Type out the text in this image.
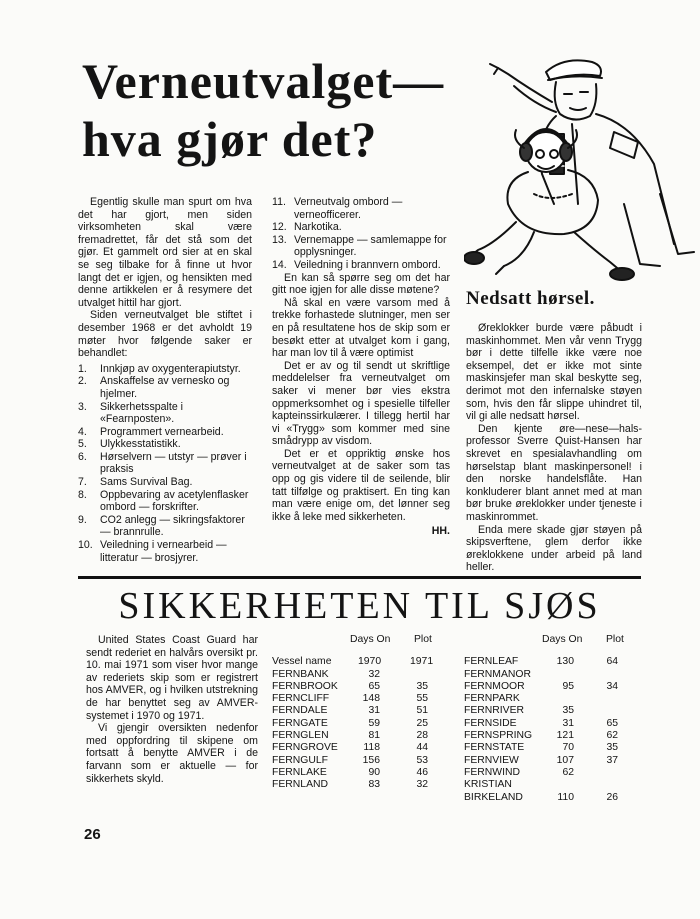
Verneutvalget—
hva gjør det?

Egentlig skulle man spurt om hva det har gjort, men siden virksomheten skal være fremadrettet, får det stå som det gjør. Et gammelt ord sier at en skal se seg tilbake for å finne ut hvor langt det er igjen, og hensikten med denne artikkelen er å resymere det utvalget hittil har gjort.

Siden verneutvalget ble stiftet i desember 1968 er det avholdt 19 møter hvor følgende saker er behandlet:

1. Innkjøp av oxygenterapiutstyr.
2. Anskaffelse av vernesko og hjelmer.
3. Sikkerhetsspalte i «Fearnposten».
4. Programmert vernearbeid.
5. Ulykkesstatistikk.
6. Hørselvern — utstyr — prøver i praksis
7. Sams Survival Bag.
8. Oppbevaring av acetylenflasker ombord — forskrifter.
9. CO2 anlegg — sikringsfaktorer — brannrulle.
10. Veiledning i vernearbeid — litteratur — brosjyrer.
11. Verneutvalg ombord — verneofficerer.
12. Narkotika.
13. Vernemappe — samlemappe for opplysninger.
14. Veiledning i brannvern ombord.

En kan så spørre seg om det har gitt noe igjen for alle disse møtene?

Nå skal en være varsom med å trekke forhastede slutninger, men ser en på resultatene hos de skip som er besøkt etter at utvalget kom i gang, har man lov til å være optimist

Det er av og til sendt ut skriftlige meddelelser fra verneutvalget om saker vi mener bør vies ekstra oppmerksomhet og i spesielle tilfeller kapteinssirkulærer. I tillegg hertil har vi «Trygg» som kommer med sine smådrypp av visdom.

Det er et oppriktig ønske hos verneutvalget at de saker som tas opp og gis videre til de seilende, blir tatt tilfølge og praktisert. En ting kan man være enige om, det lønner seg ikke å leke med sikkerheten.

HH.
Nedsatt hørsel.

Øreklokker burde være påbudt i maskinhommet. Men vår venn Trygg bør i dette tilfelle ikke være noe eksempel, det er ikke mot sinte maskinsjefer man skal beskytte seg, derimot mot den infernalske støyen som, hvis den får slippe uhindret til, vil gi alle nedsatt hørsel.

Den kjente øre—nese—hals-professor Sverre Quist-Hansen har skrevet en spesialavhandling om hørselstap blant maskinpersonel! i den norske handelsflåte. Han konkluderer blant annet med at man bør bruke øreklokker under tjeneste i maskinrommet.

Enda mere skade gjør støyen på skipsverftene, glem derfor ikke øreklokkene under arbeid på land heller.

SIKKERHETEN TIL SJØS

United States Coast Guard har sendt rederiet en halvårs oversikt pr. 10. mai 1971 som viser hvor mange av rederiets skip som er registrert hos AMVER, og i hvilken utstrekning de har benyttet seg av AMVER-systemet i 1970 og 1971.

Vi gjengir oversikten nedenfor med oppfordring til skipene om fortsatt å benytte AMVER i de farvann som er aktuelle — for sikkerhets skyld.

Days On Plot
Vessel name	1970	1971
FERNBANK	32
FERNBROOK	65	35
FERNCLIFF	148	55
FERNDALE	31	51
FERNGATE	59	25
FERNGLEN	81	28
FERNGROVE	118	44
FERNGULF	156	53
FERNLAKE	90	46
FERNLAND	83	32
Days On Plot
FERNLEAF	130	64
FERNMANOR
FERNMOOR	95	34
FERNPARK
FERNRIVER	35
FERNSIDE	31	65
FERNSPRING	121	62
FERNSTATE	70	35
FERNVIEW	107	37
FERNWIND	62
KRISTIAN
BIRKELAND	110	26
26
